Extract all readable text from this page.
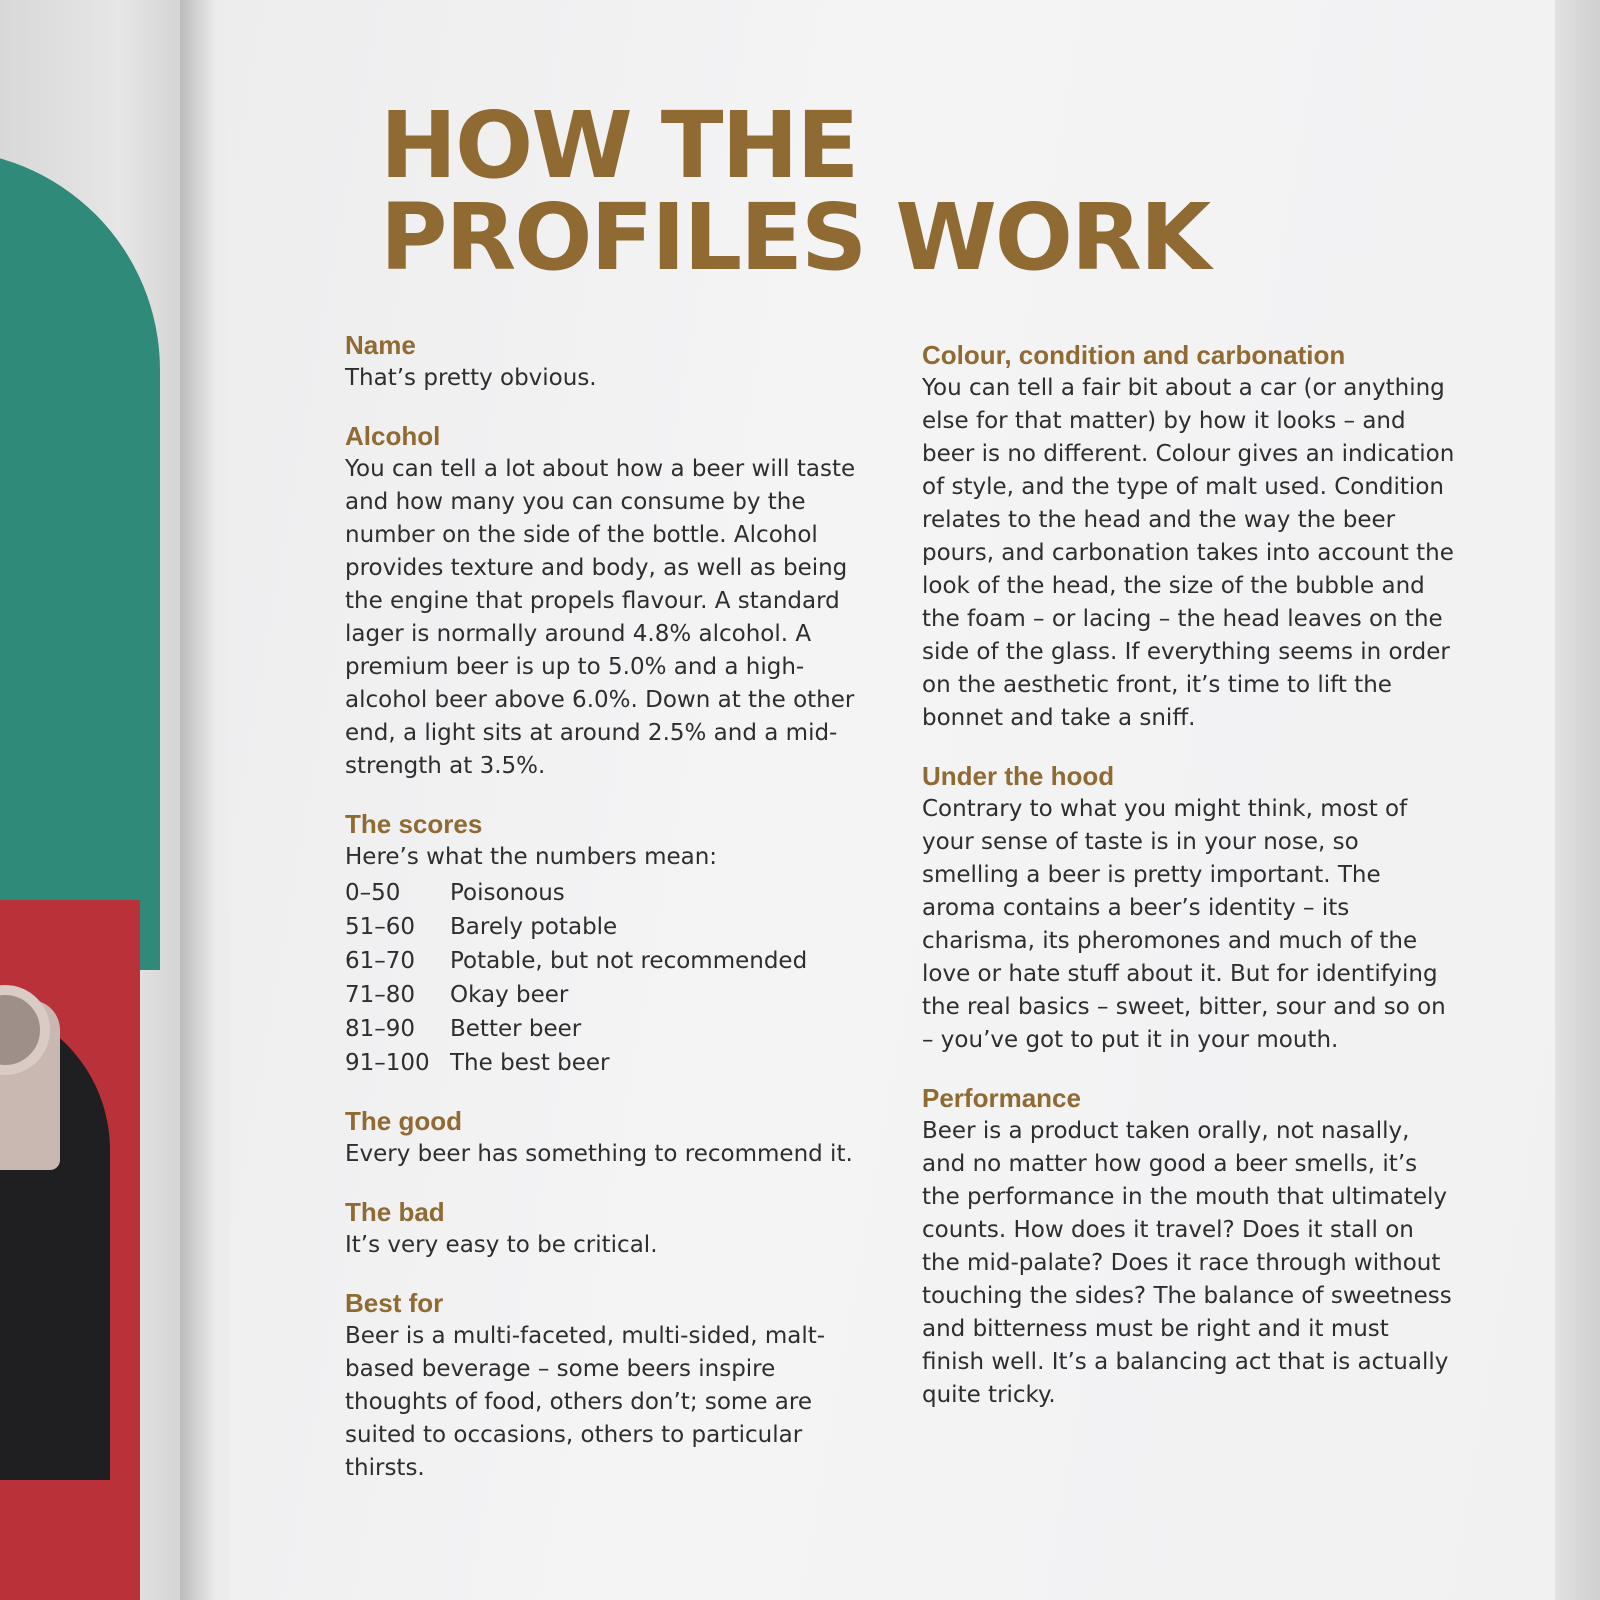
HOW THE
PROFILES WORK
Name

That’s pretty obvious.

Alcohol

You can tell a lot about how a beer will taste and how many you can consume by the number on the side of the bottle. Alcohol provides texture and body, as well as being the engine that propels flavour. A standard lager is normally around 4.8% alcohol. A premium beer is up to 5.0% and a high-alcohol beer above 6.0%. Down at the other end, a light sits at around 2.5% and a mid-strength at 3.5%.

The scores

Here’s what the numbers mean:

0–50	Poisonous
51–60	Barely potable
61–70	Potable, but not recommended
71–80	Okay beer
81–90	Better beer
91–100 The best beer
The good

Every beer has something to recommend it.

The bad

It’s very easy to be critical.

Best for

Beer is a multi-faceted, multi-sided, malt-based beverage – some beers inspire thoughts of food, others don’t; some are suited to occasions, others to particular thirsts.

Colour, condition and carbonation

You can tell a fair bit about a car (or anything else for that matter) by how it looks – and beer is no different. Colour gives an indication of style, and the type of malt used. Condition relates to the head and the way the beer pours, and carbonation takes into account the look of the head, the size of the bubble and the foam – or lacing – the head leaves on the side of the glass. If everything seems in order on the aesthetic front, it’s time to lift the bonnet and take a sniff.

Under the hood

Contrary to what you might think, most of your sense of taste is in your nose, so smelling a beer is pretty important. The aroma contains a beer’s identity – its charisma, its pheromones and much of the love or hate stuff about it. But for identifying the real basics – sweet, bitter, sour and so on – you’ve got to put it in your mouth.

Performance

Beer is a product taken orally, not nasally, and no matter how good a beer smells, it’s the performance in the mouth that ultimately counts. How does it travel? Does it stall on the mid-palate? Does it race through without touching the sides? The balance of sweetness and bitterness must be right and it must finish well. It’s a balancing act that is actually quite tricky.
